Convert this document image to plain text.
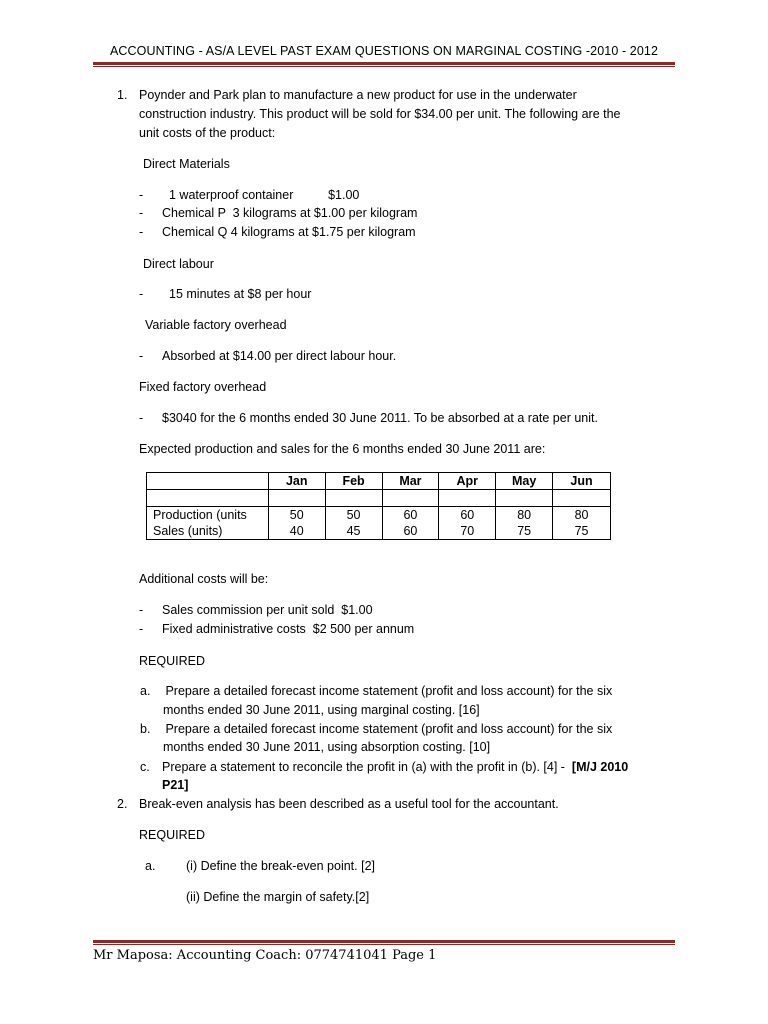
ACCOUNTING - AS/A LEVEL PAST EXAM QUESTIONS ON MARGINAL COSTING -2010 - 2012
1. Poynder and Park plan to manufacture a new product for use in the underwater
construction industry. This product will be sold for $34.00 per unit. The following are the
unit costs of the product:
Direct Materials
- 1 waterproof container          $1.00
- Chemical P  3 kilograms at $1.00 per kilogram
- Chemical Q 4 kilograms at $1.75 per kilogram
Direct labour
- 15 minutes at $8 per hour
Variable factory overhead
- Absorbed at $14.00 per direct labour hour.
Fixed factory overhead
- $3040 for the 6 months ended 30 June 2011. To be absorbed at a rate per unit.
Expected production and sales for the 6 months ended 30 June 2011 are:
	Jan	Feb	Mar	Apr	May	Jun

Production (units	50	50	60	60	80	80
Sales (units)	40	45	60	70	75	75
Additional costs will be:
- Sales commission per unit sold  $1.00
- Fixed administrative costs  $2 500 per annum
REQUIRED
a. Prepare a detailed forecast income statement (profit and loss account) for the six
months ended 30 June 2011, using marginal costing. [16]
b. Prepare a detailed forecast income statement (profit and loss account) for the six
months ended 30 June 2011, using absorption costing. [10]
c. Prepare a statement to reconcile the profit in (a) with the profit in (b). [4] -  [M/J 2010
P21]
2. Break-even analysis has been described as a useful tool for the accountant.
REQUIRED
a. (i) Define the break-even point. [2]
(ii) Define the margin of safety.[2]
Mr Maposa: Accounting Coach: 0774741041 Page 1
